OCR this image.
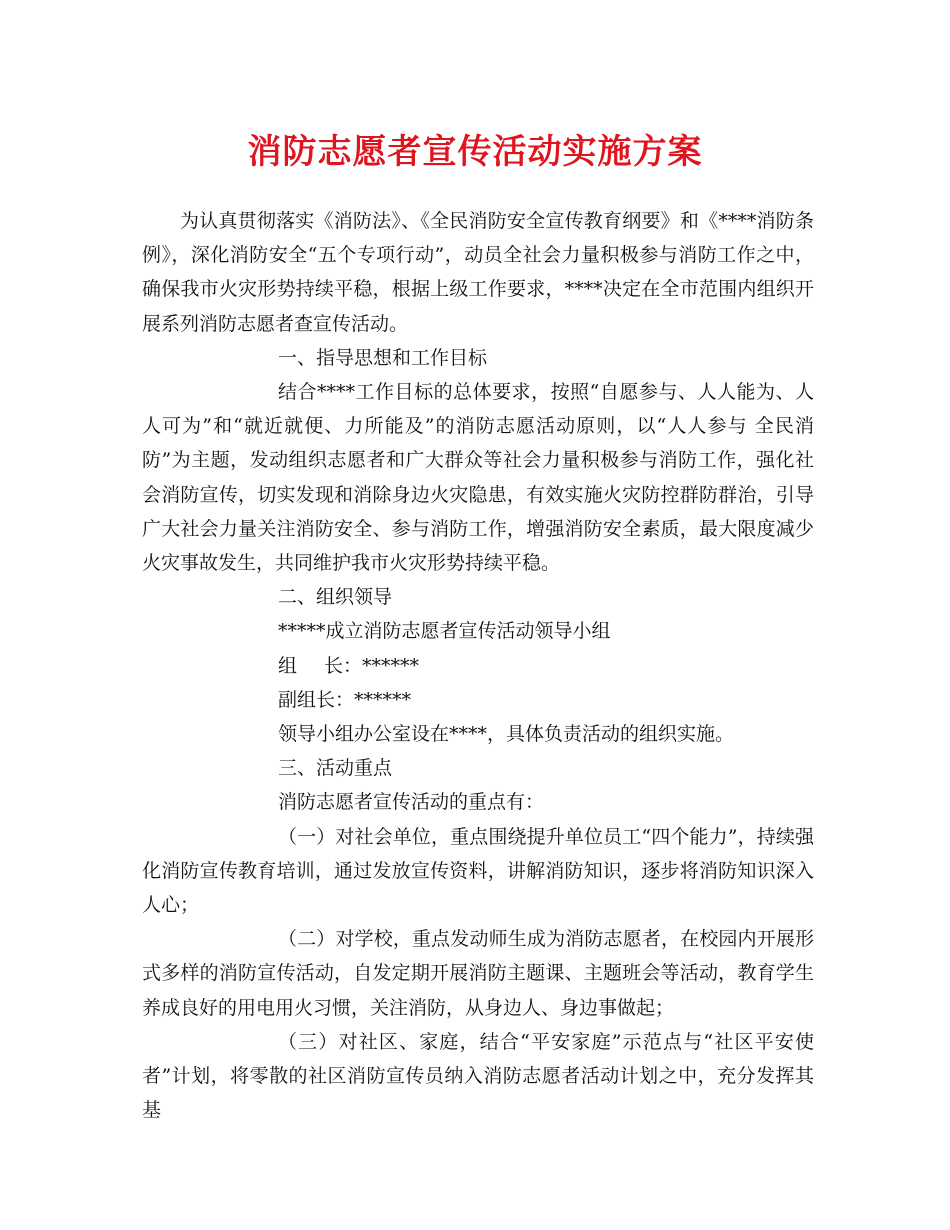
消防志愿者宣传活动实施方案

为认真贯彻落实《消防法》、《全民消防安全宣传教育纲要》和《****消防条例》，深化消防安全“五个专项行动”，动员全社会力量积极参与消防工作之中，确保我市火灾形势持续平稳，根据上级工作要求，****决定在全市范围内组织开展系列消防志愿者查宣传活动。

一、指导思想和工作目标

结合****工作目标的总体要求，按照“自愿参与、人人能为、人人可为”和“就近就便、力所能及”的消防志愿活动原则，以“人人参与 全民消防”为主题，发动组织志愿者和广大群众等社会力量积极参与消防工作，强化社会消防宣传，切实发现和消除身边火灾隐患，有效实施火灾防控群防群治，引导广大社会力量关注消防安全、参与消防工作，增强消防安全素质，最大限度减少火灾事故发生，共同维护我市火灾形势持续平稳。

二、组织领导

*****成立消防志愿者宣传活动领导小组

组 长：******

副组长：******

领导小组办公室设在****，具体负责活动的组织实施。

三、活动重点

消防志愿者宣传活动的重点有：

（一）对社会单位，重点围绕提升单位员工“四个能力”，持续强化消防宣传教育培训，通过发放宣传资料，讲解消防知识，逐步将消防知识深入人心；

（二）对学校，重点发动师生成为消防志愿者，在校园内开展形式多样的消防宣传活动，自发定期开展消防主题课、主题班会等活动，教育学生养成良好的用电用火习惯，关注消防，从身边人、身边事做起；

（三）对社区、家庭，结合“平安家庭”示范点与“社区平安使者”计划，将零散的社区消防宣传员纳入消防志愿者活动计划之中，充分发挥其基
